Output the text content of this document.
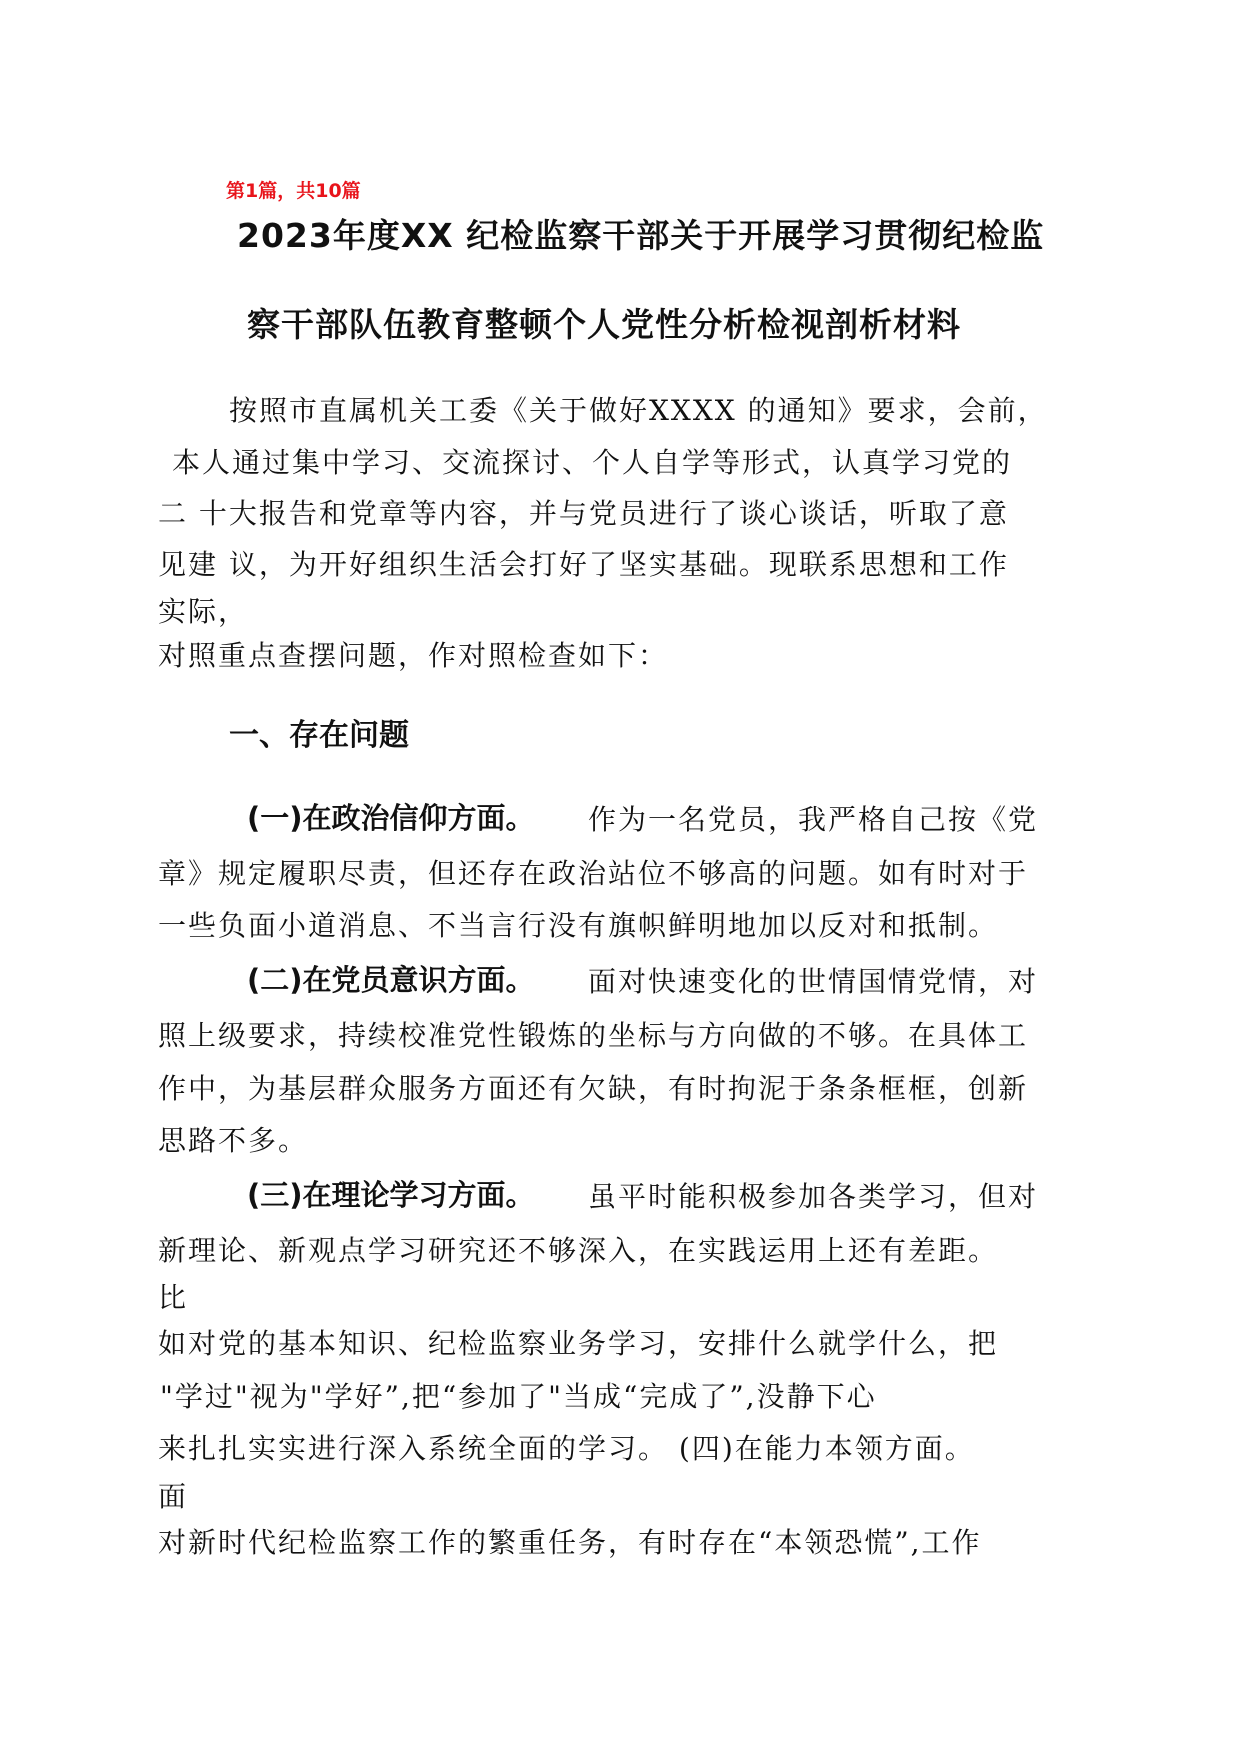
第1篇，共10篇
2023年度XX 纪检监察干部关于开展学习贯彻纪检监
察干部队伍教育整顿个人党性分析检视剖析材料
按照市直属机关工委《关于做好XXXX 的通知》要求，会前，
本人通过集中学习、交流探讨、个人自学等形式，认真学习党的
二 十大报告和党章等内容，并与党员进行了谈心谈话，听取了意
见建 议，为开好组织生活会打好了坚实基础。现联系思想和工作
实际，
对照重点查摆问题，作对照检查如下：
一、存在问题
(一)在政治信仰方面。 作为一名党员，我严格自己按《党
章》规定履职尽责，但还存在政治站位不够高的问题。如有时对于
一些负面小道消息、不当言行没有旗帜鲜明地加以反对和抵制。
(二)在党员意识方面。 面对快速变化的世情国情党情，对
照上级要求，持续校准党性锻炼的坐标与方向做的不够。在具体工
作中，为基层群众服务方面还有欠缺，有时拘泥于条条框框，创新
思路不多。
(三)在理论学习方面。 虽平时能积极参加各类学习，但对
新理论、新观点学习研究还不够深入，在实践运用上还有差距。
比
如对党的基本知识、纪检监察业务学习，安排什么就学什么，把
"学过"视为"学好”,把“参加了"当成“完成了”,没静下心
来扎扎实实进行深入系统全面的学习。 (四)在能力本领方面。
面
对新时代纪检监察工作的繁重任务，有时存在“本领恐慌”,工作
